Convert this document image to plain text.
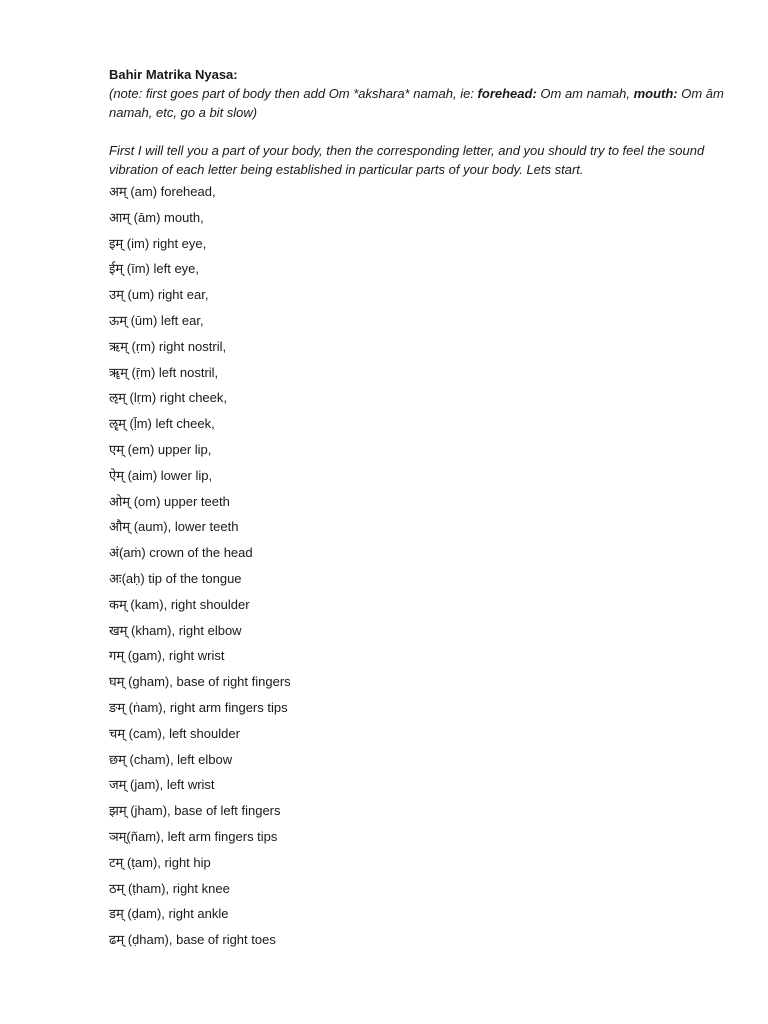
Bahir Matrika Nyasa:

(note: first goes part of body then add Om *akshara* namah, ie: forehead: Om am namah, mouth: Om ām namah, etc, go a bit slow)

First I will tell you a part of your body, then the corresponding letter, and you should try to feel the sound vibration of each letter being established in particular parts of your body. Lets start.

अम् (am) forehead,
आम् (ām) mouth,
इम् (im) right eye,
ईम् (īm) left eye,
उम् (um) right ear,
ऊम् (ūm) left ear,
ऋम् (ṛm) right nostril,
ॠम् (ṝm) left nostril,
ऌम् (lṛm) right cheek,
ॡम् (ḹm) left cheek,
एम् (em) upper lip,
ऐम् (aim) lower lip,
ओम् (om) upper teeth
औम् (aum), lower teeth
अं(aṁ) crown of the head
अः(aḥ) tip of the tongue
कम् (kam), right shoulder
खम् (kham), right elbow
गम् (gam), right wrist
घम् (gham), base of right fingers
ङम् (ṅam), right arm fingers tips
चम् (cam), left shoulder
छम् (cham), left elbow
जम् (jam), left wrist
झम् (jham), base of left fingers
ञम्(ñam), left arm fingers tips
टम् (ṭam), right hip
ठम् (ṭham), right knee
डम् (ḍam), right ankle
ढम् (ḍham), base of right toes
